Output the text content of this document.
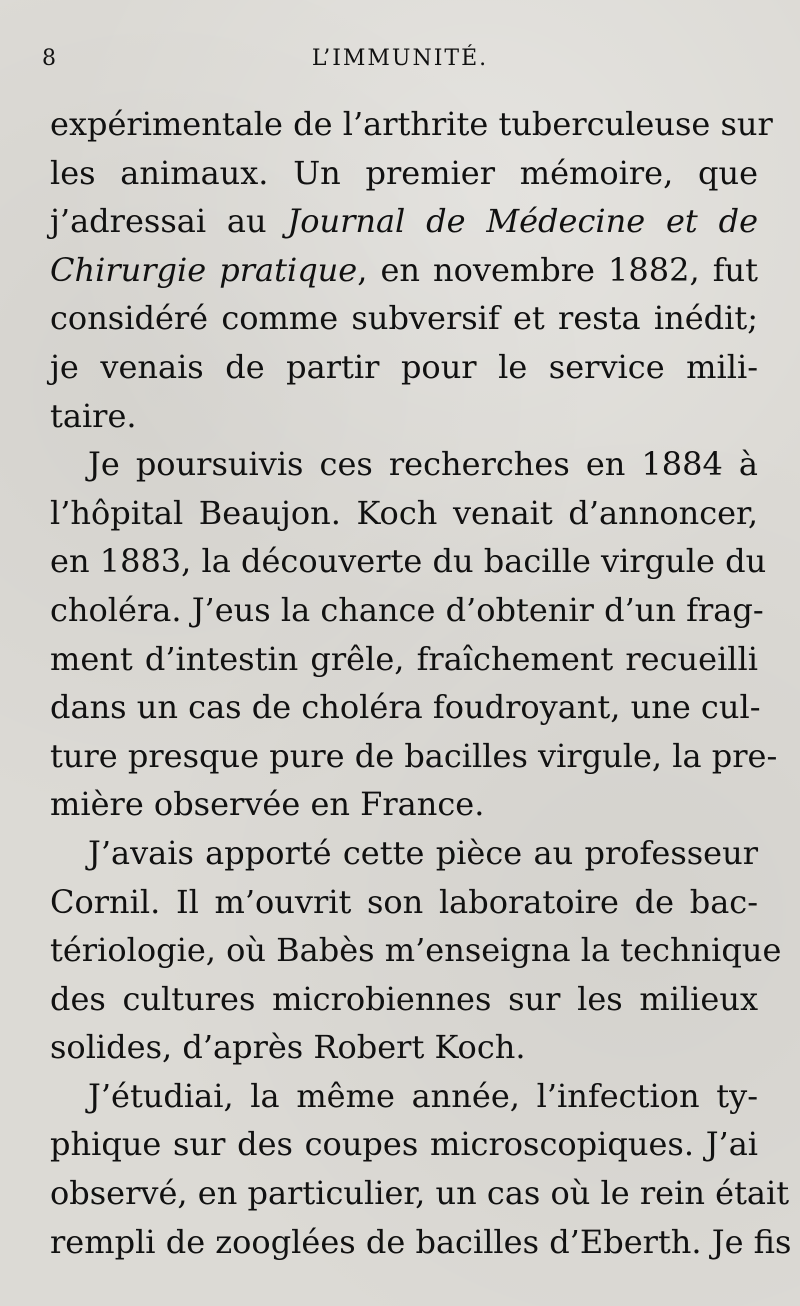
8	L’IMMUNITÉ.
expérimentale de l’arthrite tuberculeuse sur
les animaux. Un premier mémoire, que
j’adressai au Journal de Médecine et de
Chirurgie pratique, en novembre 1882, fut
considéré comme subversif et resta inédit;
je venais de partir pour le service mili-
taire.
Je poursuivis ces recherches en 1884 à
l’hôpital Beaujon. Koch venait d’annoncer,
en 1883, la découverte du bacille virgule du
choléra. J’eus la chance d’obtenir d’un frag-
ment d’intestin grêle, fraîchement recueilli
dans un cas de choléra foudroyant, une cul-
ture presque pure de bacilles virgule, la pre-
mière observée en France.
J’avais apporté cette pièce au professeur
Cornil. Il m’ouvrit son laboratoire de bac-
tériologie, où Babès m’enseigna la technique
des cultures microbiennes sur les milieux
solides, d’après Robert Koch.
J’étudiai, la même année, l’infection ty-
phique sur des coupes microscopiques. J’ai
observé, en particulier, un cas où le rein était
rempli de zooglées de bacilles d’Eberth. Je fis
